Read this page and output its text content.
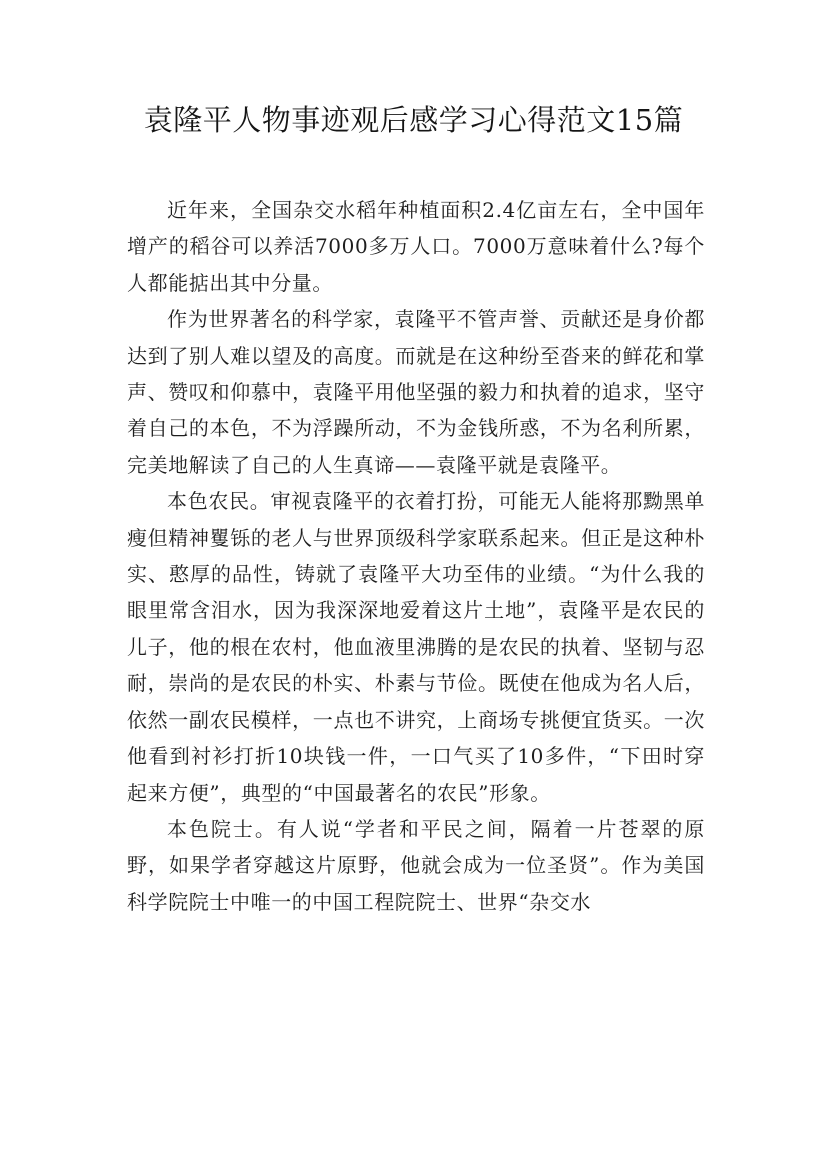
袁隆平人物事迹观后感学习心得范文15篇

近年来，全国杂交水稻年种植面积2.4亿亩左右，全中国年增产的稻谷可以养活7000多万人口。7000万意味着什么?每个人都能掂出其中分量。

作为世界著名的科学家，袁隆平不管声誉、贡献还是身价都达到了别人难以望及的高度。而就是在这种纷至沓来的鲜花和掌声、赞叹和仰慕中，袁隆平用他坚强的毅力和执着的追求，坚守着自己的本色，不为浮躁所动，不为金钱所惑，不为名利所累，完美地解读了自己的人生真谛——袁隆平就是袁隆平。

本色农民。审视袁隆平的衣着打扮，可能无人能将那黝黑单瘦但精神矍铄的老人与世界顶级科学家联系起来。但正是这种朴实、憨厚的品性，铸就了袁隆平大功至伟的业绩。“为什么我的眼里常含泪水，因为我深深地爱着这片土地”，袁隆平是农民的儿子，他的根在农村，他血液里沸腾的是农民的执着、坚韧与忍耐，崇尚的是农民的朴实、朴素与节俭。既使在他成为名人后，依然一副农民模样，一点也不讲究，上商场专挑便宜货买。一次他看到衬衫打折10块钱一件，一口气买了10多件，“下田时穿起来方便”，典型的“中国最著名的农民”形象。

本色院士。有人说“学者和平民之间，隔着一片苍翠的原野，如果学者穿越这片原野，他就会成为一位圣贤”。作为美国科学院院士中唯一的中国工程院院士、世界“杂交水
